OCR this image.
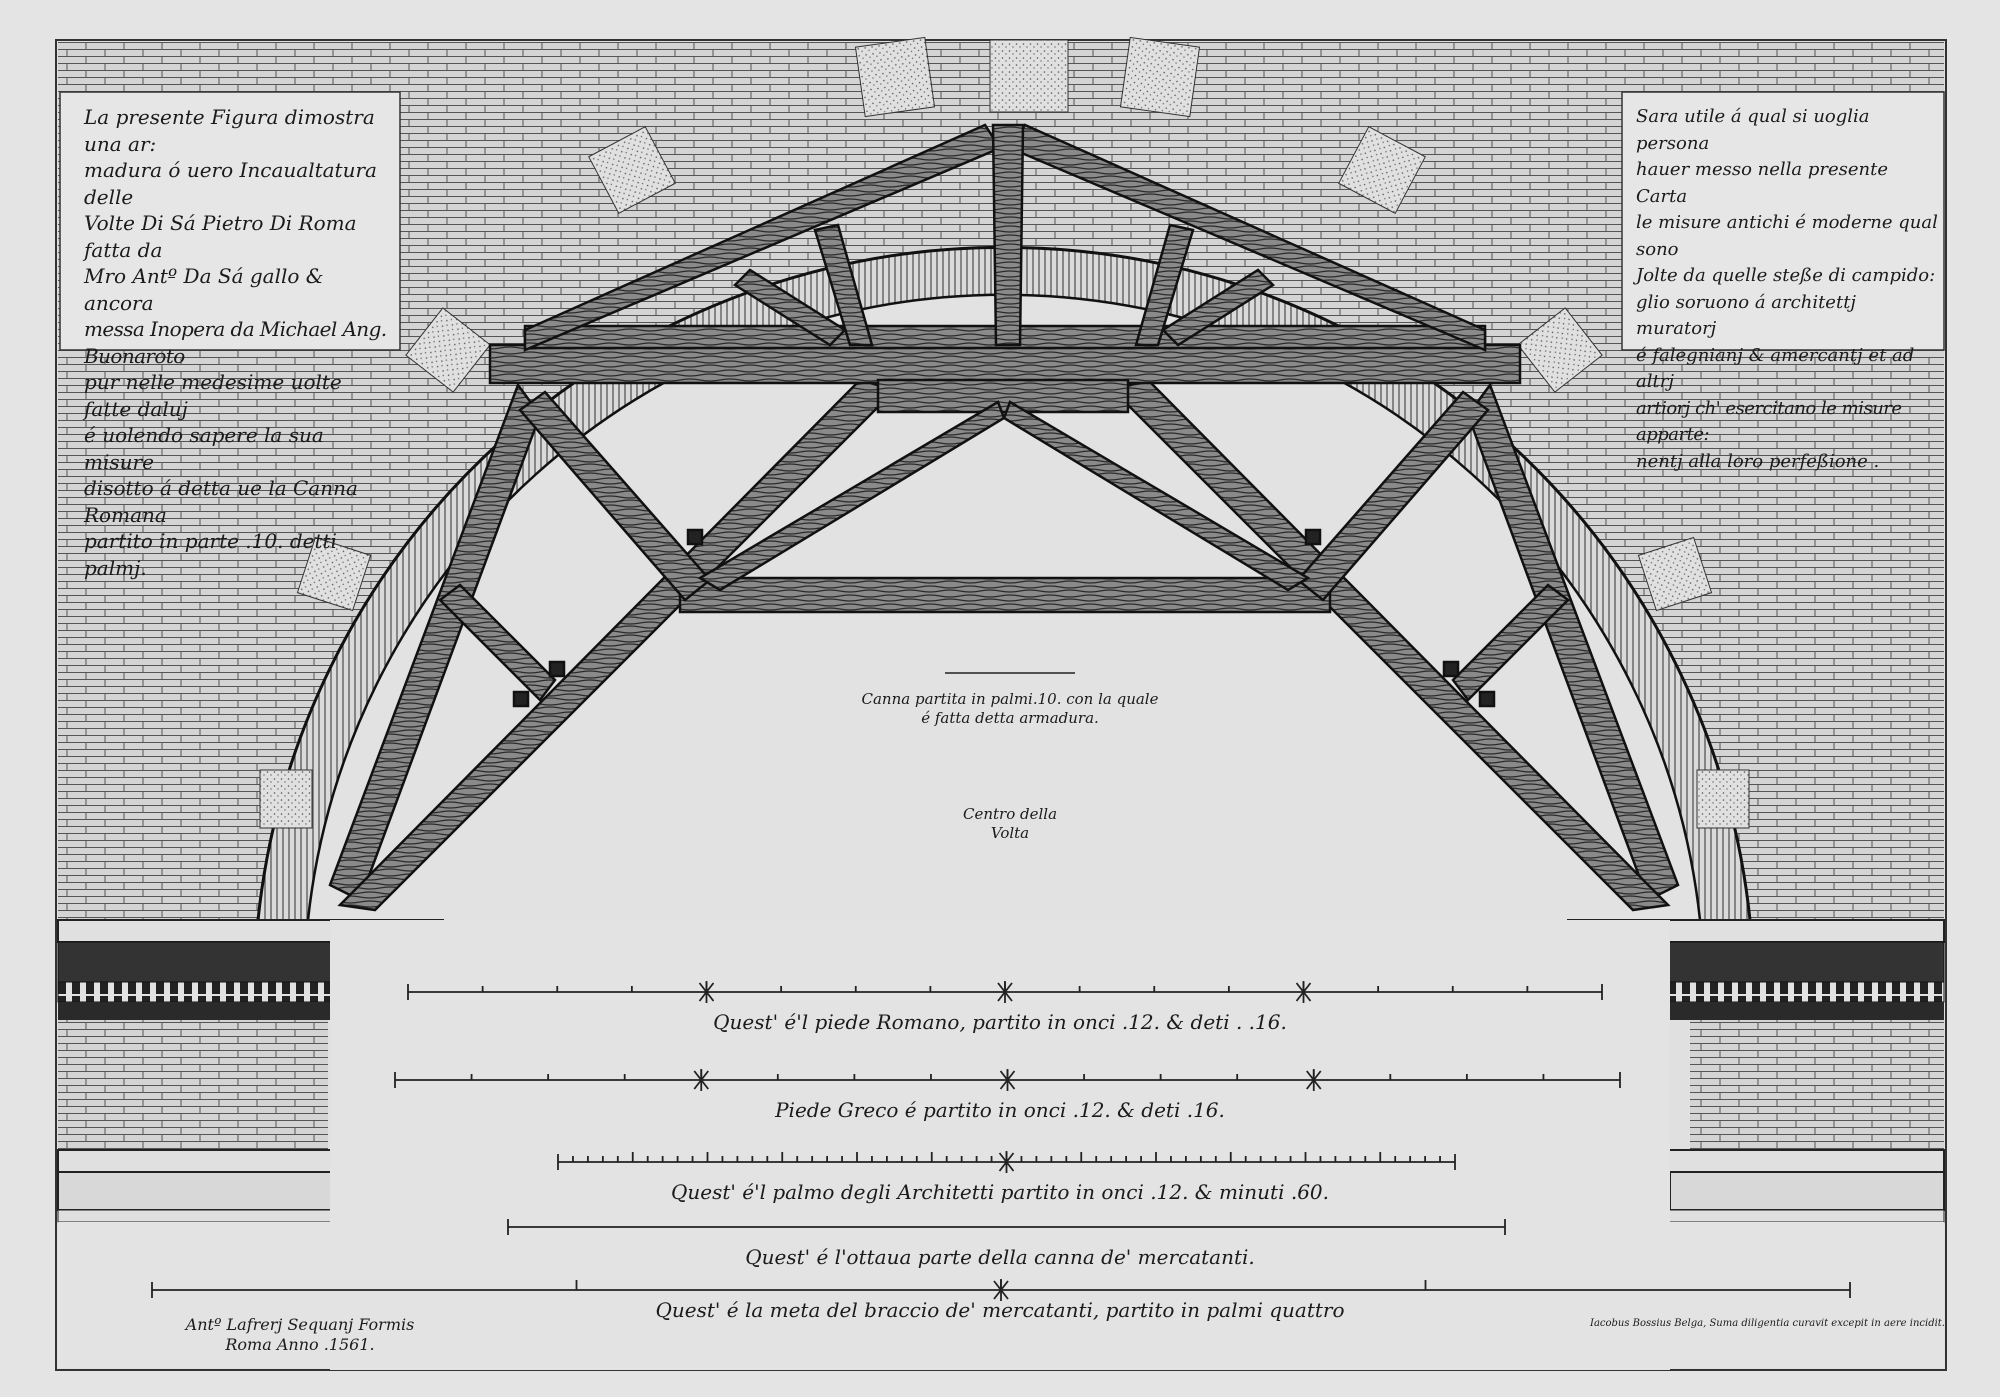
La presente Figura dimostra una ar:
madura ó uero Incaualtatura delle
Volte Di Sá Pietro Di Roma fatta da
Mro Antº Da Sá gallo & ancora
messa Inopera da Michael Ang. Buonaroto
pur nelle medesime uolte fatte daluj
é uolendo sapere la sua misure
disotto á detta ue la Canna Romana
partito in parte .10. detti palmj.
Sara utile á qual si uoglia persona
hauer messo nella presente Carta
le misure antichi é moderne qual sono
Jolte da quelle steße di campido:
glio soruono á architettj muratorj
é falegnianj & amercantj et ad altrj
artiorj ch' esercitano le misure apparte:
nentj alla loro perfeßione .
Canna partita in palmi.10. con la quale
é fatta detta armadura.
Centro della
Volta
Quest' é'l piede Romano, partito in onci .12. & deti . .16.
Piede Greco é partito in onci .12. & deti .16.
Quest' é'l palmo degli Architetti partito in onci .12. & minuti .60.
Quest' é l'ottaua parte della canna de' mercatanti.
Quest' é la meta del braccio de' mercatanti, partito in palmi quattro
Antº Lafrerj Sequanj Formis
Roma Anno .1561.
Iacobus Bossius Belga, Suma diligentia curavit excepit in aere incidit.
